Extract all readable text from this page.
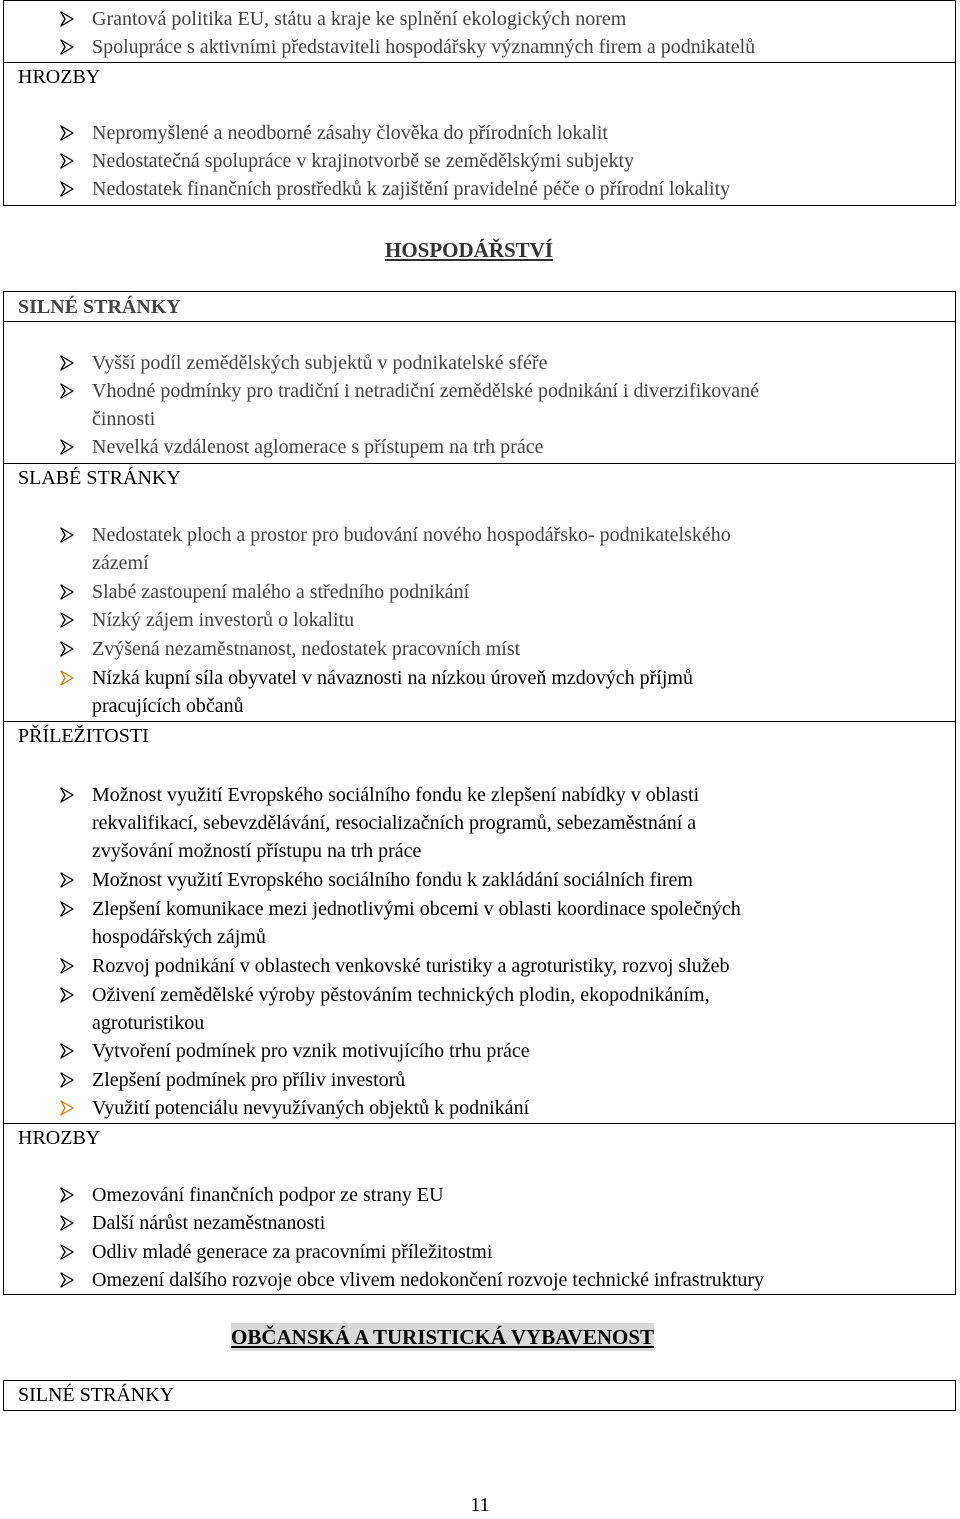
Grantová politika EU, státu a kraje ke splnění ekologických norem
Spolupráce s aktivními představiteli hospodářsky významných firem a podnikatelů
HROZBY
Nepromyšlené a neodborné zásahy člověka do přírodních lokalit
Nedostatečná spolupráce v krajinotvorbě se zemědělskými subjekty
Nedostatek finančních prostředků k zajištění pravidelné péče o přírodní lokality
HOSPODÁŘSTVÍ
SILNÉ STRÁNKY
Vyšší podíl zemědělských subjektů v podnikatelské sféře
Vhodné podmínky pro tradiční i netradiční zemědělské podnikání i diverzifikované
činnosti
Nevelká vzdálenost aglomerace s přístupem na trh práce
SLABÉ STRÁNKY
Nedostatek ploch a prostor pro budování nového hospodářsko- podnikatelského
zázemí
Slabé zastoupení malého a středního podnikání
Nízký zájem investorů o lokalitu
Zvýšená nezaměstnanost, nedostatek pracovních míst
Nízká kupní síla obyvatel v návaznosti na nízkou úroveň mzdových příjmů
pracujících občanů
PŘÍLEŽITOSTI
Možnost využití Evropského sociálního fondu ke zlepšení nabídky v oblasti
rekvalifikací, sebevzdělávání, resocializačních programů, sebezaměstnání a
zvyšování možností přístupu na trh práce
Možnost využití Evropského sociálního fondu k zakládání sociálních firem
Zlepšení komunikace mezi jednotlivými obcemi v oblasti koordinace společných
hospodářských zájmů
Rozvoj podnikání v oblastech venkovské turistiky a agroturistiky, rozvoj služeb
Oživení zemědělské výroby pěstováním technických plodin, ekopodnikáním,
agroturistikou
Vytvoření podmínek pro vznik motivujícího trhu práce
Zlepšení podmínek pro příliv investorů
Využití potenciálu nevyužívaných objektů k podnikání
HROZBY
Omezování finančních podpor ze strany EU
Další nárůst nezaměstnanosti
Odliv mladé generace za pracovními příležitostmi
Omezení dalšího rozvoje obce vlivem nedokončení rozvoje technické infrastruktury
OBČANSKÁ A TURISTICKÁ VYBAVENOST
SILNÉ STRÁNKY
11
